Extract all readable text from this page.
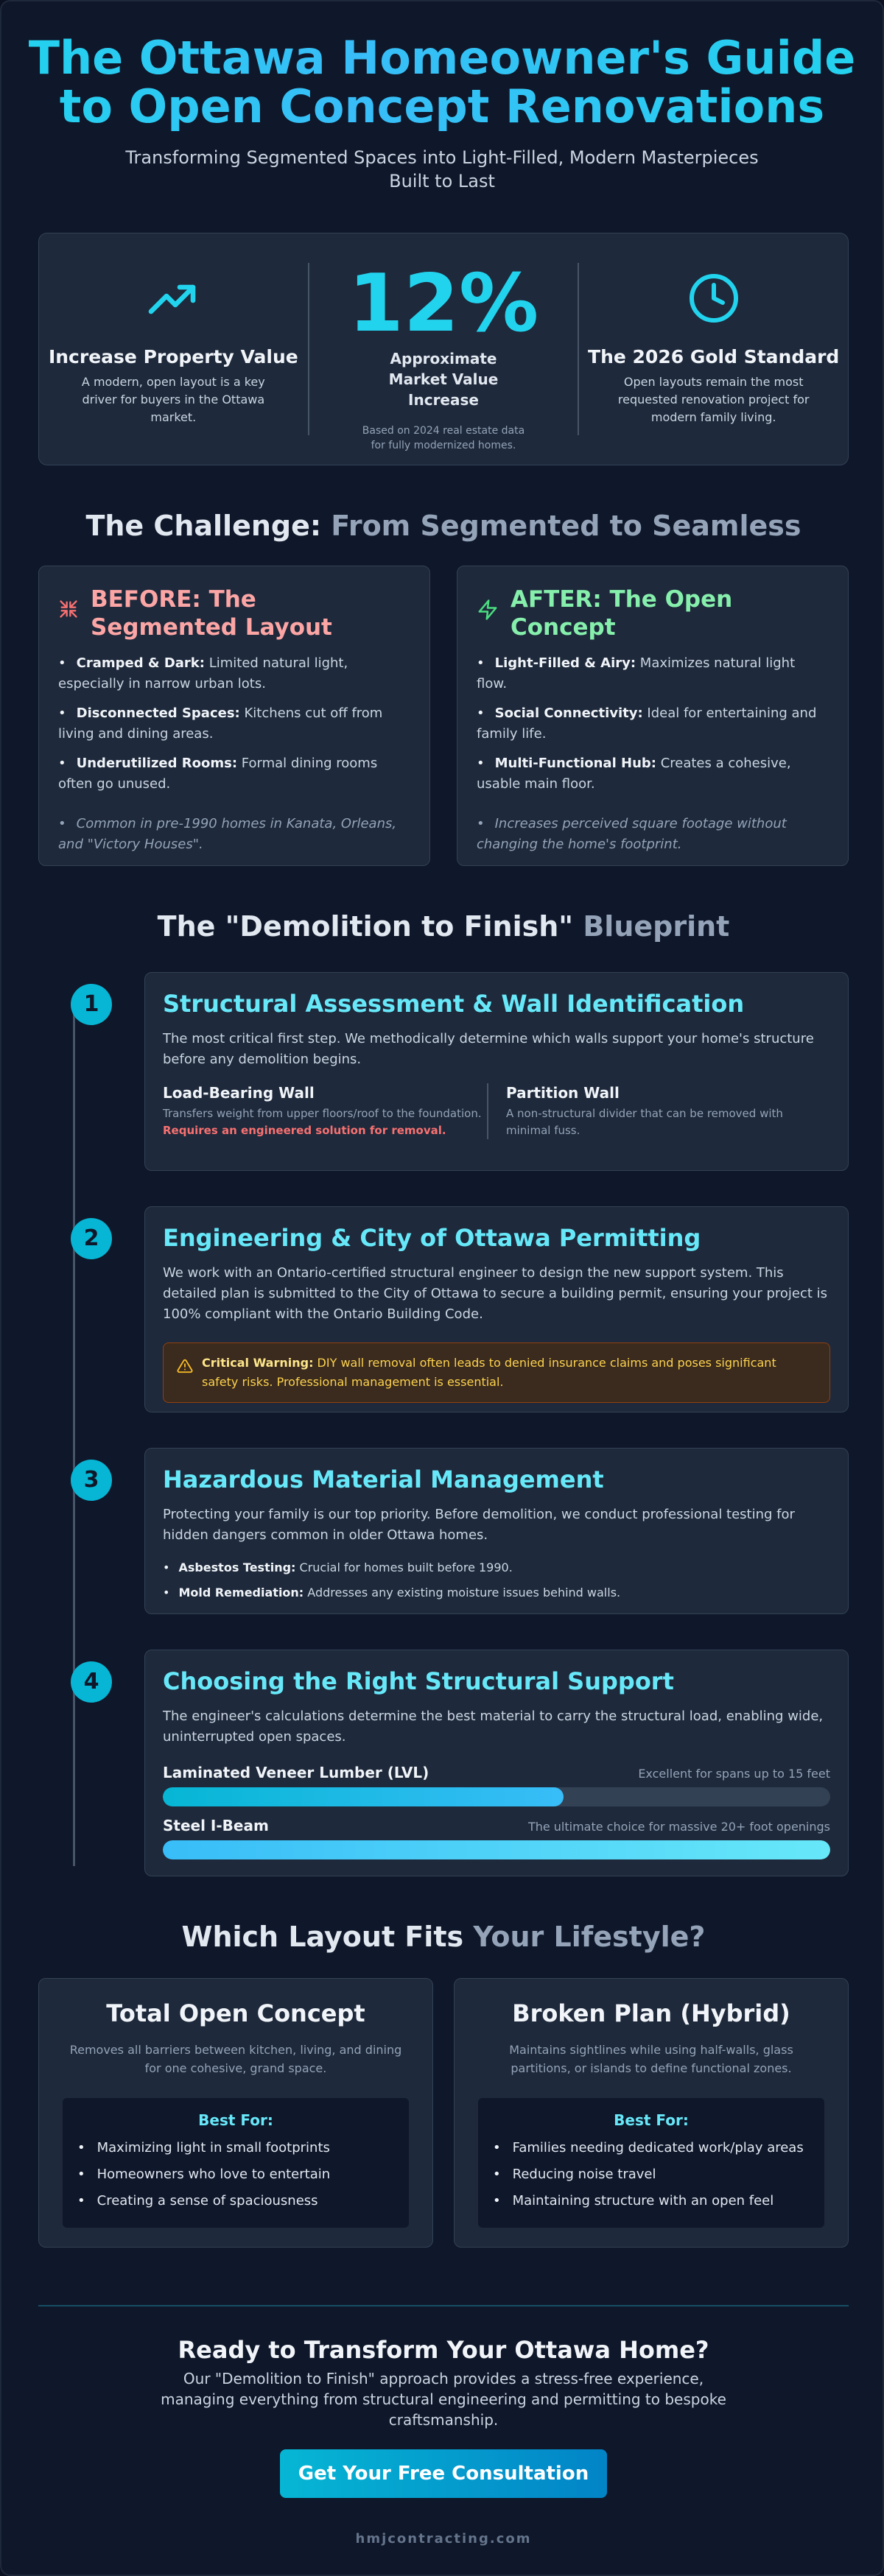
The Ottawa Homeowner's Guide
to Open Concept Renovations

Transforming Segmented Spaces into Light-Filled, Modern Masterpieces Built to Last

Increase Property Value
A modern, open layout is a key driver for buyers in the Ottawa market.
12%
Approximate Market Value Increase
Based on 2024 real estate data for fully modernized homes.
The 2026 Gold Standard
Open layouts remain the most requested renovation project for modern family living.
The Challenge: From Segmented to Seamless
BEFORE: The Segmented Layout
• Cramped & Dark: Limited natural light, especially in narrow urban lots.
• Disconnected Spaces: Kitchens cut off from living and dining areas.
• Underutilized Rooms: Formal dining rooms often go unused.
• Common in pre-1990 homes in Kanata, Orleans, and "Victory Houses".
AFTER: The Open Concept
• Light-Filled & Airy: Maximizes natural light flow.
• Social Connectivity: Ideal for entertaining and family life.
• Multi-Functional Hub: Creates a cohesive, usable main floor.
• Increases perceived square footage without changing the home's footprint.
The "Demolition to Finish" Blueprint
1	Structural Assessment & Wall Identification
The most critical first step. We methodically determine which walls support your home's structure before any demolition begins.
Load-Bearing Wall
Transfers weight from upper floors/roof to the foundation. Requires an engineered solution for removal.
Partition Wall
A non-structural divider that can be removed with minimal fuss.
2	Engineering & City of Ottawa Permitting
We work with an Ontario-certified structural engineer to design the new support system. This detailed plan is submitted to the City of Ottawa to secure a building permit, ensuring your project is 100% compliant with the Ontario Building Code.
Critical Warning: DIY wall removal often leads to denied insurance claims and poses significant safety risks. Professional management is essential.
3	Hazardous Material Management
Protecting your family is our top priority. Before demolition, we conduct professional testing for hidden dangers common in older Ottawa homes.
• Asbestos Testing: Crucial for homes built before 1990.
• Mold Remediation: Addresses any existing moisture issues behind walls.
4	Choosing the Right Structural Support
The engineer's calculations determine the best material to carry the structural load, enabling wide, uninterrupted open spaces.
Laminated Veneer Lumber (LVL)	Excellent for spans up to 15 feet
Steel I-Beam	The ultimate choice for massive 20+ foot openings
Which Layout Fits Your Lifestyle?
Total Open Concept
Removes all barriers between kitchen, living, and dining for one cohesive, grand space.
Best For:
• Maximizing light in small footprints
• Homeowners who love to entertain
• Creating a sense of spaciousness
Broken Plan (Hybrid)
Maintains sightlines while using half-walls, glass partitions, or islands to define functional zones.
Best For:
• Families needing dedicated work/play areas
• Reducing noise travel
• Maintaining structure with an open feel
Ready to Transform Your Ottawa Home?
Our "Demolition to Finish" approach provides a stress-free experience, managing everything from structural engineering and permitting to bespoke craftsmanship.
Get Your Free Consultation
hmjcontracting.com
